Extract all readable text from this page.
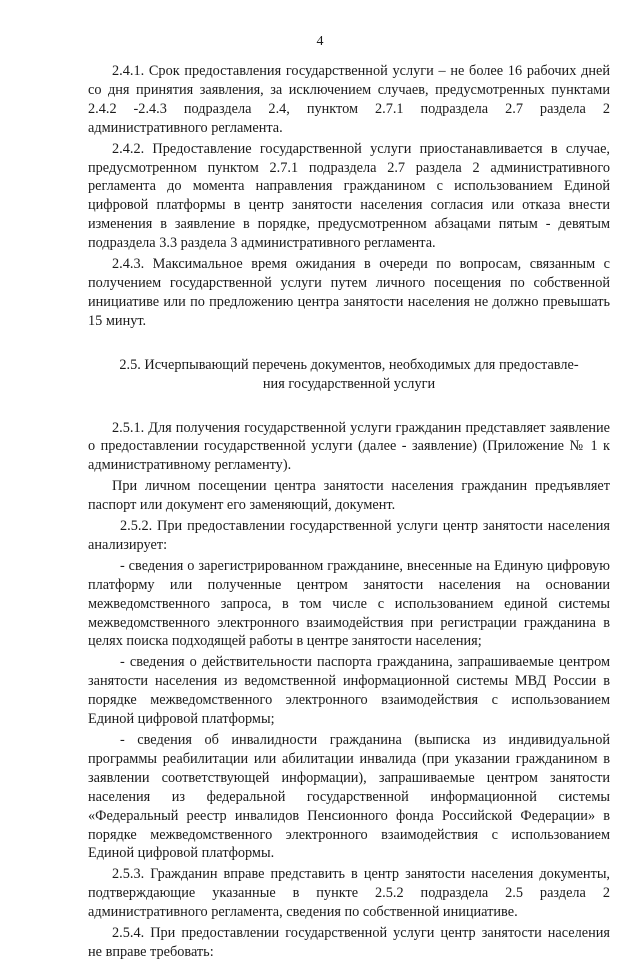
4

2.4.1. Срок предоставления государственной услуги – не более 16 рабочих дней со дня принятия заявления, за исключением случаев, предусмотренных пунктами 2.4.2 -2.4.3 подраздела 2.4, пунктом 2.7.1 подраздела 2.7 раздела 2 административного регламента.

2.4.2. Предоставление государственной услуги приостанавливается в случае, предусмотренном пунктом 2.7.1 подраздела 2.7 раздела 2 административного регламента до момента направления гражданином с использованием Единой цифровой платформы в центр занятости населения согласия или отказа внести изменения в заявление в порядке, предусмотренном абзацами пятым - девятым подраздела 3.3 раздела 3 административного регламента.

2.4.3. Максимальное время ожидания в очереди по вопросам, связанным с получением государственной услуги путем личного посещения по собственной инициативе или по предложению центра занятости населения не должно превышать 15 минут.

2.5. Исчерпывающий перечень документов, необходимых для предоставле-
ния государственной услуги

2.5.1. Для получения государственной услуги гражданин представляет заявление о предоставлении государственной услуги (далее - заявление) (Приложение № 1 к административному регламенту).

При личном посещении центра занятости населения гражданин предъявляет паспорт или документ его заменяющий, документ.

2.5.2. При предоставлении государственной услуги центр занятости населения анализирует:

- сведения о зарегистрированном гражданине, внесенные на Единую цифровую платформу или полученные центром занятости населения на основании межведомственного запроса, в том числе с использованием единой системы межведомственного электронного взаимодействия при регистрации гражданина в целях поиска подходящей работы в центре занятости населения;

- сведения о действительности паспорта гражданина, запрашиваемые центром занятости населения из ведомственной информационной системы МВД России в порядке межведомственного электронного взаимодействия с использованием Единой цифровой платформы;

- сведения об инвалидности гражданина (выписка из индивидуальной программы реабилитации или абилитации инвалида (при указании гражданином в заявлении соответствующей информации), запрашиваемые центром занятости населения из федеральной государственной информационной системы «Федеральный реестр инвалидов Пенсионного фонда Российской Федерации» в порядке межведомственного электронного взаимодействия с использованием Единой цифровой платформы.

2.5.3. Гражданин вправе представить в центр занятости населения документы, подтверждающие указанные в пункте 2.5.2 подраздела 2.5 раздела 2 административного регламента, сведения по собственной инициативе.

2.5.4. При предоставлении государственной услуги центр занятости населения не вправе требовать:
